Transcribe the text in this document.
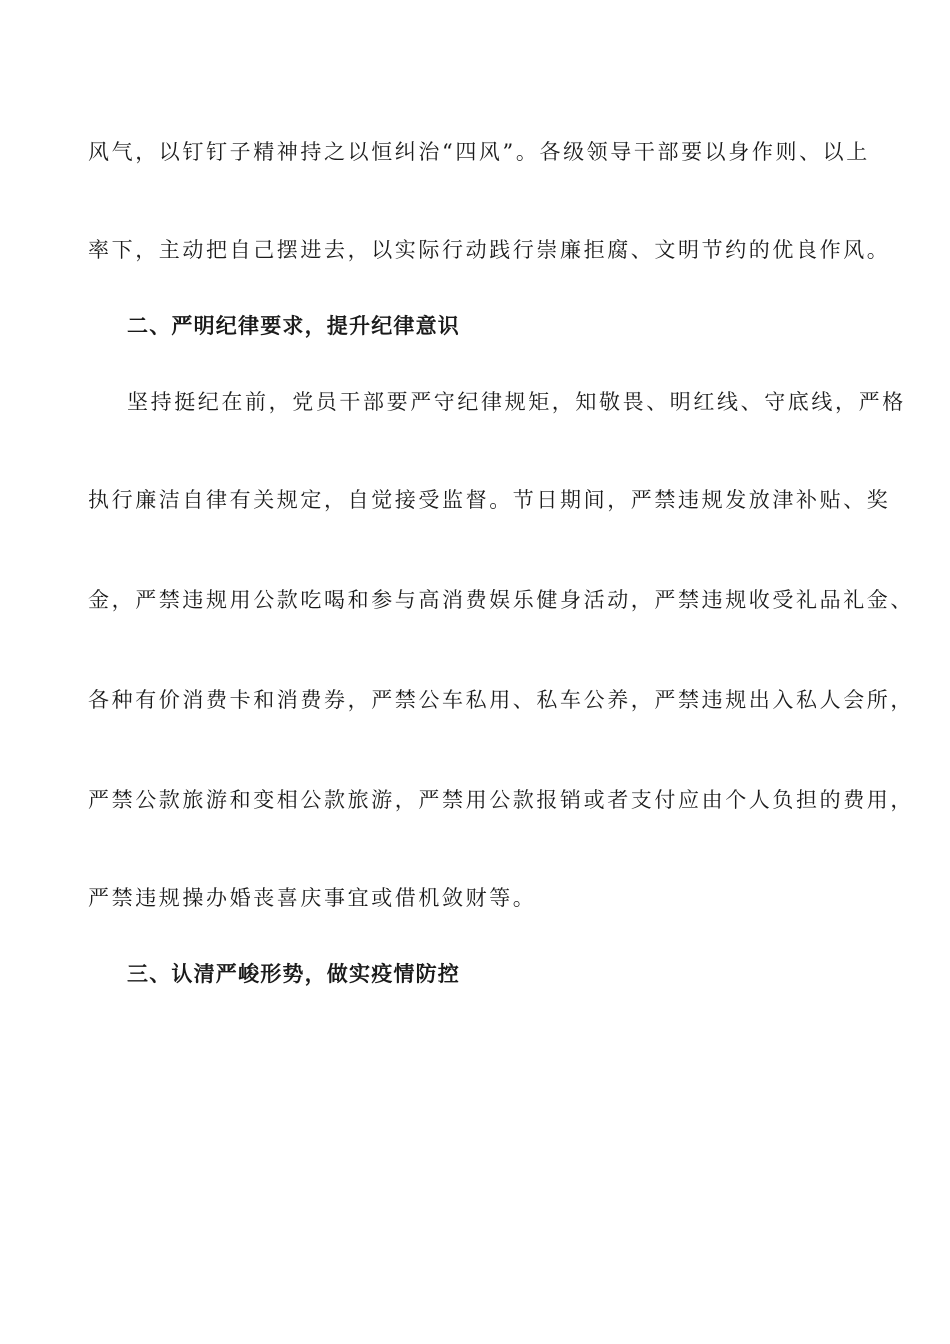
风气，以钉钉子精神持之以恒纠治“四风”。各级领导干部要以身作则、以上
率下，主动把自己摆进去，以实际行动践行崇廉拒腐、文明节约的优良作风。
二、严明纪律要求，提升纪律意识
坚持挺纪在前，党员干部要严守纪律规矩，知敬畏、明红线、守底线，严格
执行廉洁自律有关规定，自觉接受监督。节日期间，严禁违规发放津补贴、奖
金，严禁违规用公款吃喝和参与高消费娱乐健身活动，严禁违规收受礼品礼金、
各种有价消费卡和消费券，严禁公车私用、私车公养，严禁违规出入私人会所，
严禁公款旅游和变相公款旅游，严禁用公款报销或者支付应由个人负担的费用，
严禁违规操办婚丧喜庆事宜或借机敛财等。
三、认清严峻形势，做实疫情防控
